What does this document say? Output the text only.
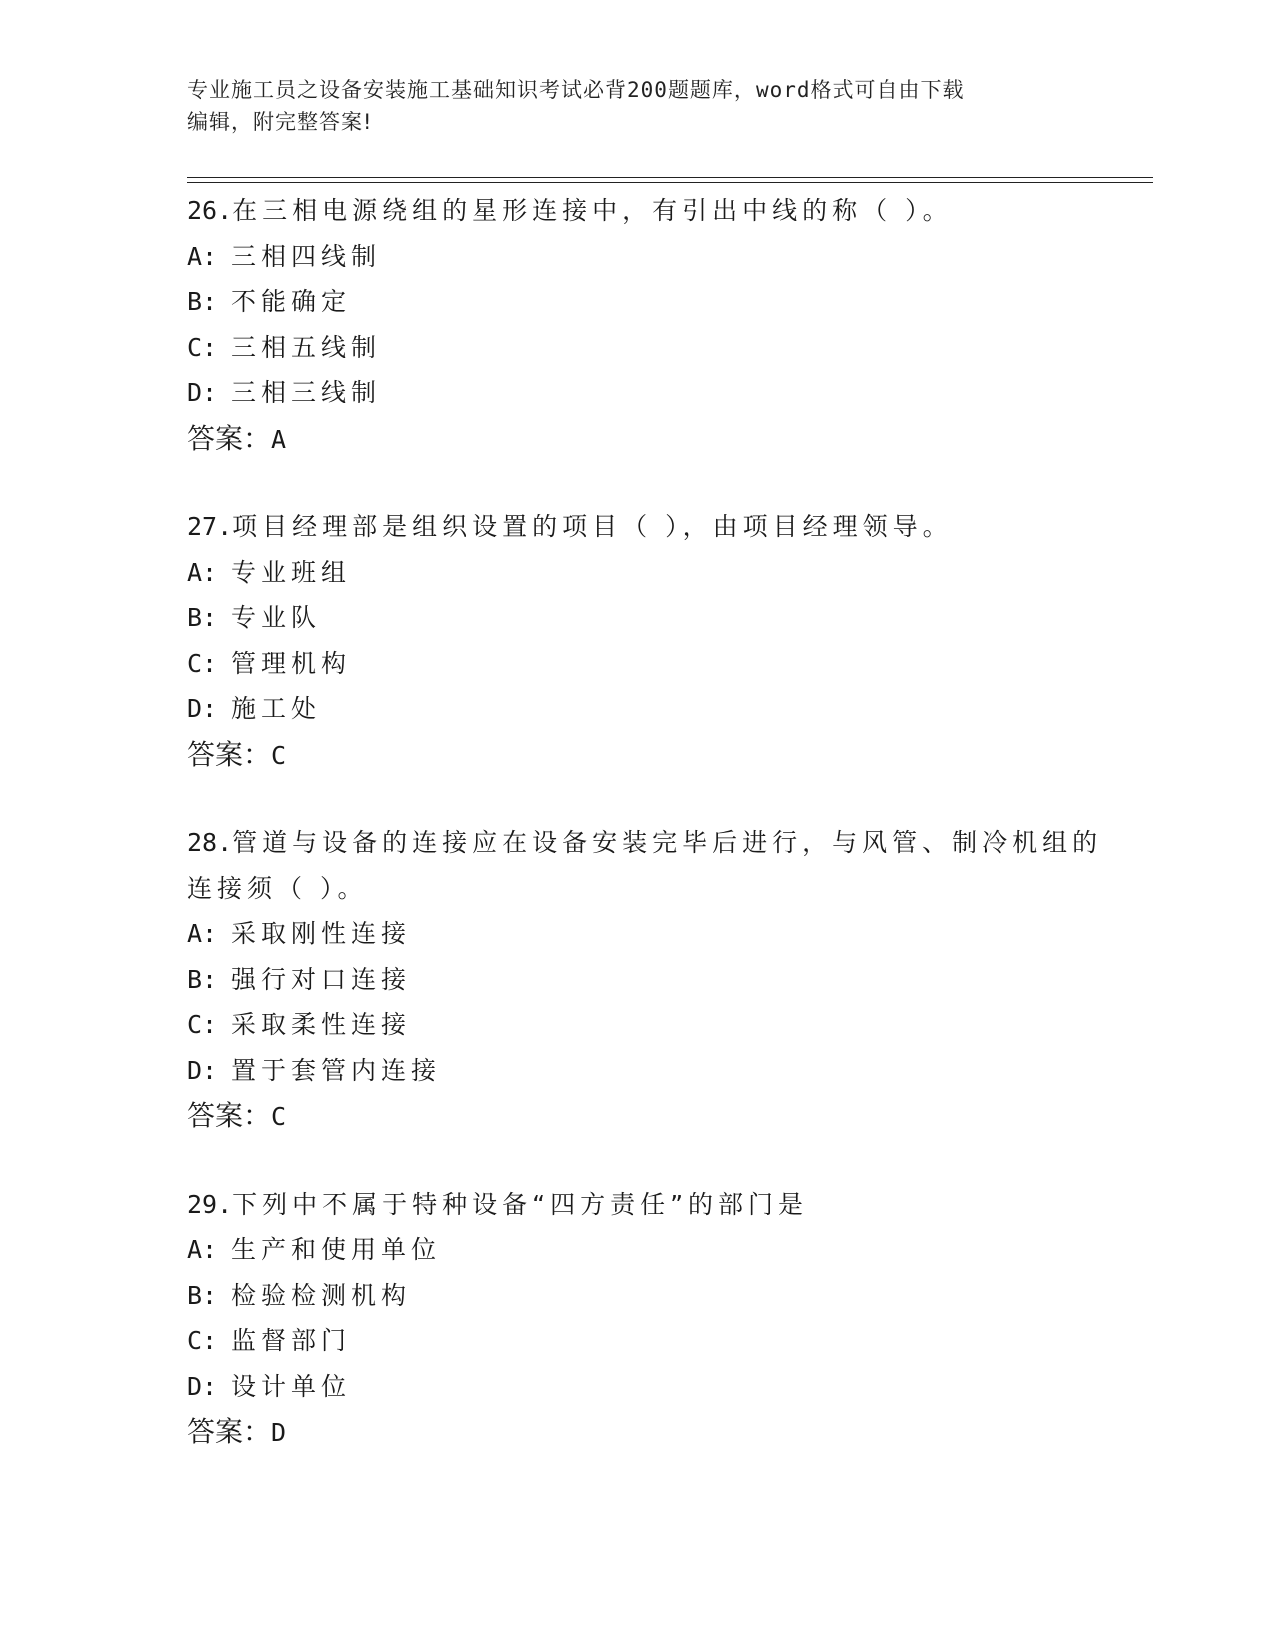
专业施工员之设备安装施工基础知识考试必背200题题库，word格式可自由下载
编辑，附完整答案!

26.在三相电源绕组的星形连接中，有引出中线的称（ ）。

A: 三相四线制

B: 不能确定

C: 三相五线制

D: 三相三线制

答案：A

27.项目经理部是组织设置的项目（ ），由项目经理领导。

A: 专业班组

B: 专业队

C: 管理机构

D: 施工处

答案：C

28.管道与设备的连接应在设备安装完毕后进行，与风管、制冷机组的

连接须（ ）。

A: 采取刚性连接

B: 强行对口连接

C: 采取柔性连接

D: 置于套管内连接

答案：C

29.下列中不属于特种设备“四方责任”的部门是

A: 生产和使用单位

B: 检验检测机构

C: 监督部门

D: 设计单位

答案：D
